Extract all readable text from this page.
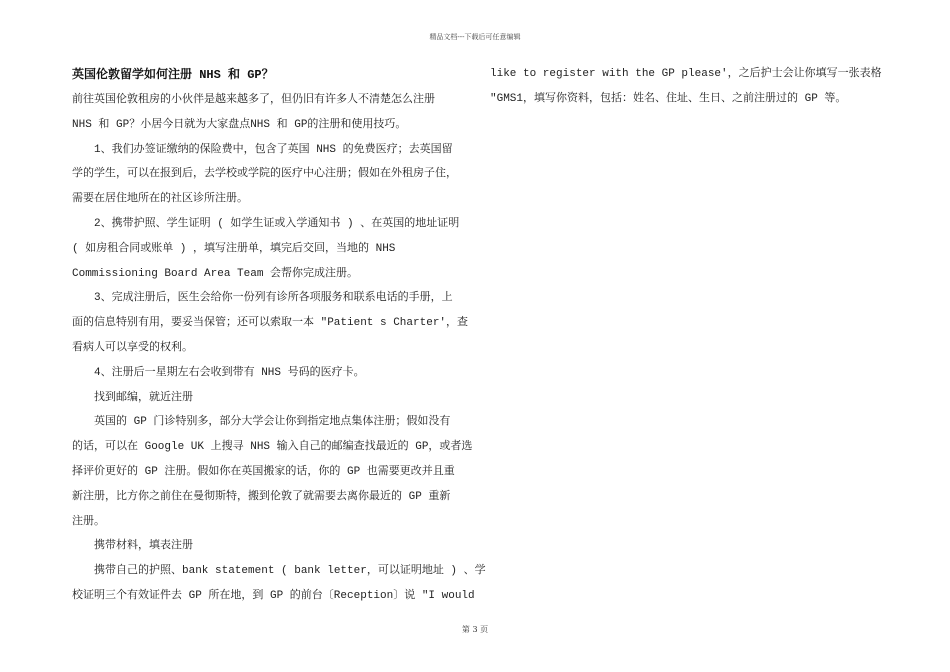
精品文档---下载后可任意编辑
英国伦敦留学如何注册 NHS 和 GP？
前往英国伦敦租房的小伙伴是越来越多了，但仍旧有许多人不清楚怎么注册
NHS 和 GP？小居今日就为大家盘点NHS 和 GP的注册和使用技巧。
1、我们办签证缴纳的保险费中，包含了英国 NHS 的免费医疗；去英国留
学的学生，可以在报到后，去学校或学院的医疗中心注册；假如在外租房子住，
需要在居住地所在的社区诊所注册。
2、携带护照、学生证明 ( 如学生证或入学通知书 ) 、在英国的地址证明
( 如房租合同或账单 ) ，填写注册单，填完后交回，当地的 NHS
Commissioning Board Area Team 会帮你完成注册。
3、完成注册后，医生会给你一份列有诊所各项服务和联系电话的手册，上
面的信息特别有用，要妥当保管；还可以索取一本 "Patient s Charter'，查
看病人可以享受的权利。
4、注册后一星期左右会收到带有 NHS 号码的医疗卡。
找到邮编，就近注册
英国的 GP 门诊特别多，部分大学会让你到指定地点集体注册；假如没有
的话，可以在 Google UK 上搜寻 NHS 输入自己的邮编查找最近的 GP，或者选
择评价更好的 GP 注册。假如你在英国搬家的话，你的 GP 也需要更改并且重
新注册，比方你之前住在曼彻斯特，搬到伦敦了就需要去离你最近的 GP 重新
注册。
携带材料，填表注册
携带自己的护照、bank statement ( bank letter，可以证明地址 ) 、学
校证明三个有效证件去 GP 所在地，到 GP 的前台〔Reception〕说 "I would
like to register with the GP please'，之后护士会让你填写一张表格
"GMS1，填写你资料，包括：姓名、住址、生日、之前注册过的 GP 等。
第 3 页
